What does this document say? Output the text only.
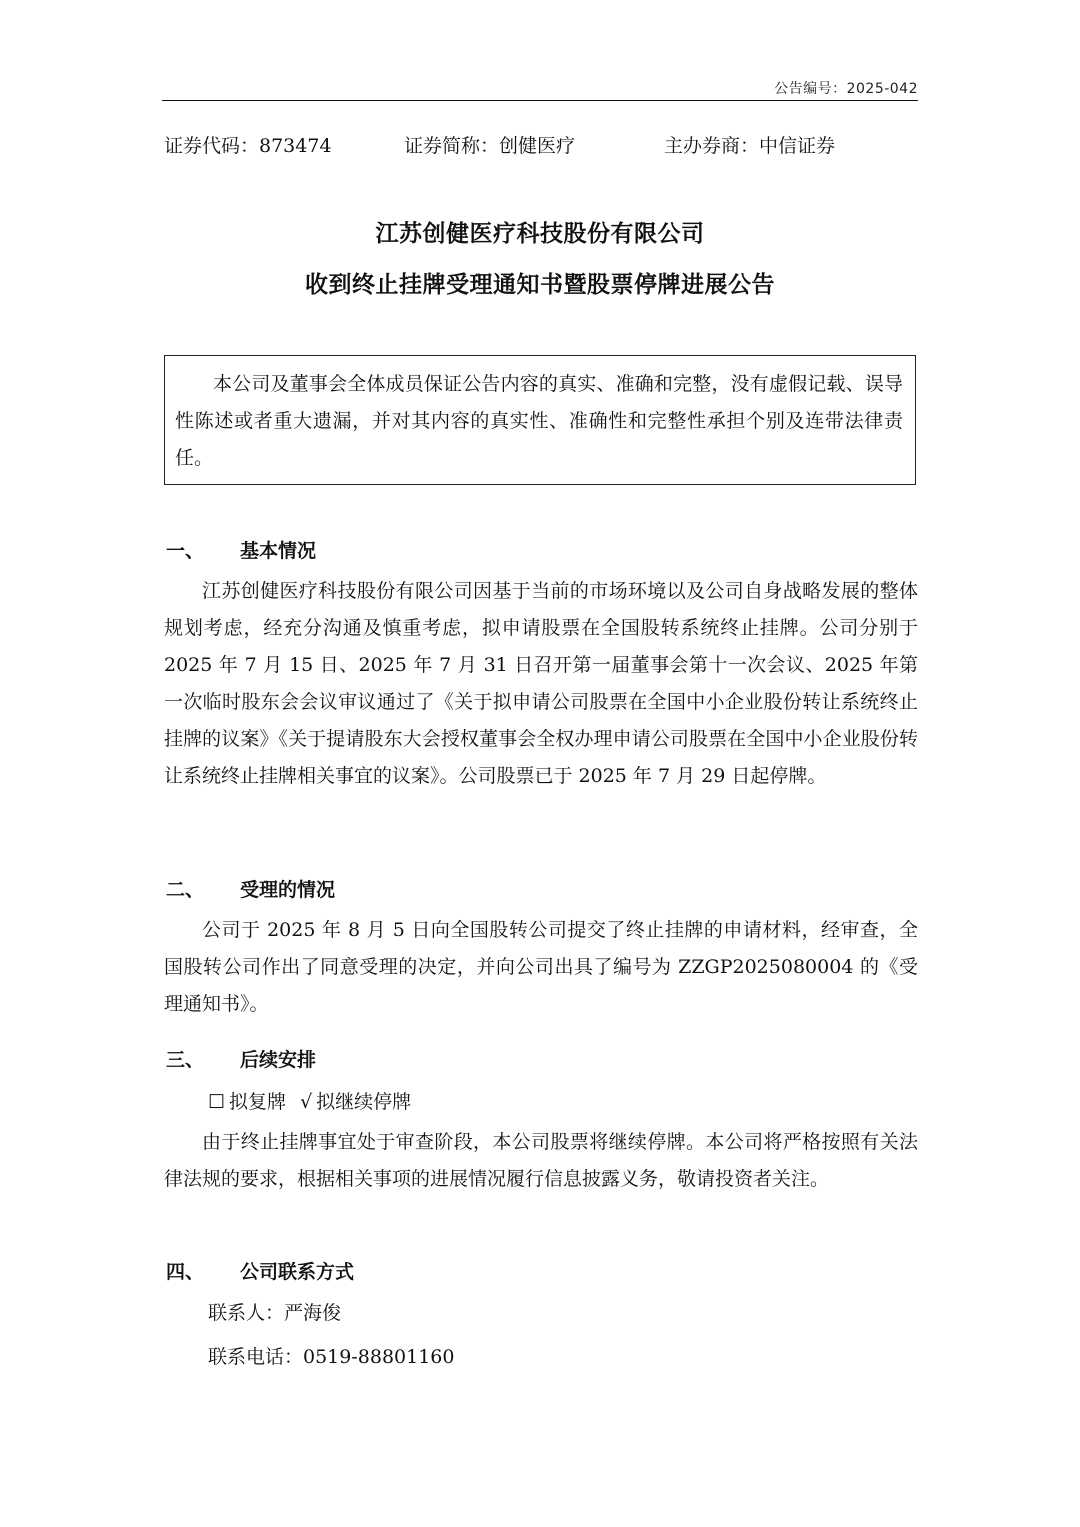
公告编号：2025-042
证券代码：873474	证券简称：创健医疗	主办券商：中信证券
江苏创健医疗科技股份有限公司
收到终止挂牌受理通知书暨股票停牌进展公告
本公司及董事会全体成员保证公告内容的真实、准确和完整，没有虚假记载、误导性陈述或者重大遗漏，并对其内容的真实性、准确性和完整性承担个别及连带法律责任。
一、 基本情况
江苏创健医疗科技股份有限公司因基于当前的市场环境以及公司自身战略发展的整体规划考虑，经充分沟通及慎重考虑，拟申请股票在全国股转系统终止挂牌。公司分别于 2025 年 7 月 15 日、2025 年 7 月 31 日召开第一届董事会第十一次会议、2025 年第一次临时股东会会议审议通过了《关于拟申请公司股票在全国中小企业股份转让系统终止挂牌的议案》《关于提请股东大会授权董事会全权办理申请公司股票在全国中小企业股份转让系统终止挂牌相关事宜的议案》。公司股票已于 2025 年 7 月 29 日起停牌。
二、 受理的情况
公司于 2025 年 8 月 5 日向全国股转公司提交了终止挂牌的申请材料，经审查，全国股转公司作出了同意受理的决定，并向公司出具了编号为 ZZGP2025080004 的《受理通知书》。
三、 后续安排
☐ 拟复牌 √ 拟继续停牌
由于终止挂牌事宜处于审查阶段，本公司股票将继续停牌。本公司将严格按照有关法律法规的要求，根据相关事项的进展情况履行信息披露义务，敬请投资者关注。
四、 公司联系方式
联系人：严海俊
联系电话：0519-88801160
